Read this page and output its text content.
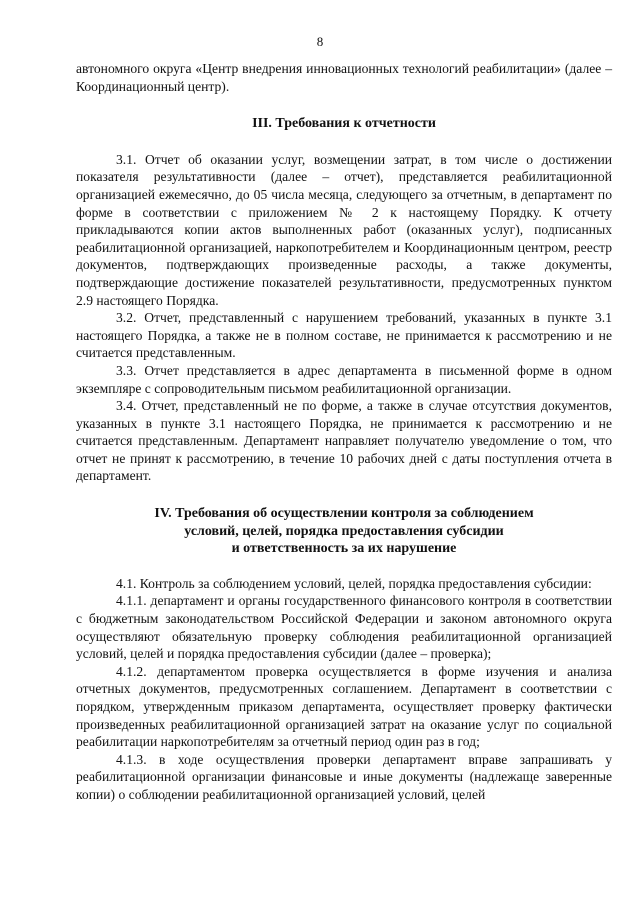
8

автономного округа «Центр внедрения инновационных технологий реабилитации» (далее – Координационный центр).

III. Требования к отчетности

3.1. Отчет об оказании услуг, возмещении затрат, в том числе о достижении показателя результативности (далее – отчет), представляется реабилитационной организацией ежемесячно, до 05 числа месяца, следующего за отчетным, в департамент по форме в соответствии с приложением № 2 к настоящему Порядку. К отчету прикладываются копии актов выполненных работ (оказанных услуг), подписанных реабилитационной организацией, наркопотребителем и Координационным центром, реестр документов, подтверждающих произведенные расходы, а также документы, подтверждающие достижение показателей результативности, предусмотренных пунктом 2.9 настоящего Порядка.

3.2. Отчет, представленный с нарушением требований, указанных в пункте 3.1 настоящего Порядка, а также не в полном составе, не принимается к рассмотрению и не считается представленным.

3.3. Отчет представляется в адрес департамента в письменной форме в одном экземпляре с сопроводительным письмом реабилитационной организации.

3.4. Отчет, представленный не по форме, а также в случае отсутствия документов, указанных в пункте 3.1 настоящего Порядка, не принимается к рассмотрению и не считается представленным. Департамент направляет получателю уведомление о том, что отчет не принят к рассмотрению, в течение 10 рабочих дней с даты поступления отчета в департамент.

IV. Требования об осуществлении контроля за соблюдением
условий, целей, порядка предоставления субсидии
и ответственность за их нарушение

4.1. Контроль за соблюдением условий, целей, порядка предоставления субсидии:

4.1.1. департамент и органы государственного финансового контроля в соответствии с бюджетным законодательством Российской Федерации и законом автономного округа осуществляют обязательную проверку соблюдения реабилитационной организацией условий, целей и порядка предоставления субсидии (далее – проверка);

4.1.2. департаментом проверка осуществляется в форме изучения и анализа отчетных документов, предусмотренных соглашением. Департамент в соответствии с порядком, утвержденным приказом департамента, осуществляет проверку фактически произведенных реабилитационной организацией затрат на оказание услуг по социальной реабилитации наркопотребителям за отчетный период один раз в год;

4.1.3. в ходе осуществления проверки департамент вправе запрашивать у реабилитационной организации финансовые и иные документы (надлежаще заверенные копии) о соблюдении реабилитационной организацией условий, целей
